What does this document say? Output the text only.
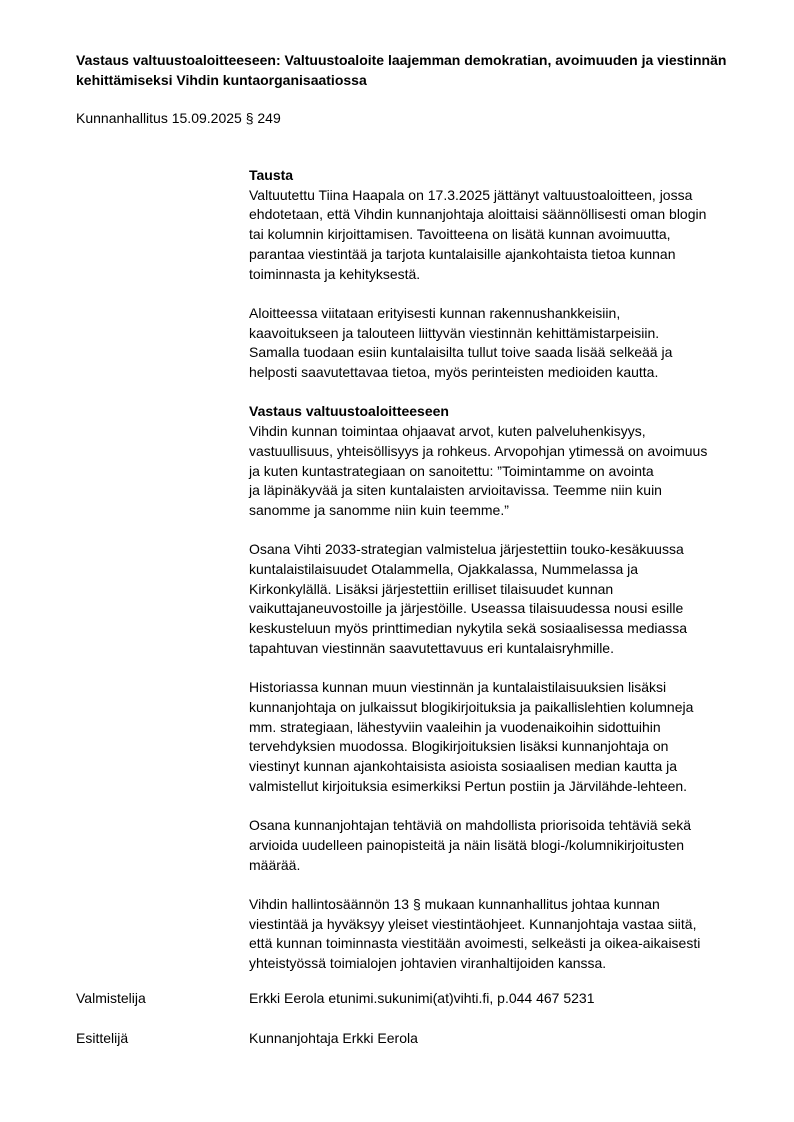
Vastaus valtuustoaloitteeseen: Valtuustoaloite laajemman demokratian, avoimuuden ja viestinnän kehittämiseksi Vihdin kuntaorganisaatiossa
Kunnanhallitus 15.09.2025 § 249

Tausta
Valtuutettu Tiina Haapala on 17.3.2025 jättänyt valtuustoaloitteen, jossa
ehdotetaan, että Vihdin kunnanjohtaja aloittaisi säännöllisesti oman blogin
tai kolumnin kirjoittamisen. Tavoitteena on lisätä kunnan avoimuutta,
parantaa viestintää ja tarjota kuntalaisille ajankohtaista tietoa kunnan
toiminnasta ja kehityksestä.

Aloitteessa viitataan erityisesti kunnan rakennushankkeisiin,
kaavoitukseen ja talouteen liittyvän viestinnän kehittämistarpeisiin.
Samalla tuodaan esiin kuntalaisilta tullut toive saada lisää selkeää ja
helposti saavutettavaa tietoa, myös perinteisten medioiden kautta.

Vastaus valtuustoaloitteeseen
Vihdin kunnan toimintaa ohjaavat arvot, kuten palveluhenkisyys,
vastuullisuus, yhteisöllisyys ja rohkeus. Arvopohjan ytimessä on avoimuus
ja kuten kuntastrategiaan on sanoitettu: ”Toimintamme on avointa
ja läpinäkyvää ja siten kuntalaisten arvioitavissa. Teemme niin kuin
sanomme ja sanomme niin kuin teemme.”

Osana Vihti 2033-strategian valmistelua järjestettiin touko-kesäkuussa
kuntalaistilaisuudet Otalammella, Ojakkalassa, Nummelassa ja
Kirkonkylällä. Lisäksi järjestettiin erilliset tilaisuudet kunnan
vaikuttajaneuvostoille ja järjestöille. Useassa tilaisuudessa nousi esille
keskusteluun myös printtimedian nykytila sekä sosiaalisessa mediassa
tapahtuvan viestinnän saavutettavuus eri kuntalaisryhmille.

Historiassa kunnan muun viestinnän ja kuntalaistilaisuuksien lisäksi
kunnanjohtaja on julkaissut blogikirjoituksia ja paikallislehtien kolumneja
mm. strategiaan, lähestyviin vaaleihin ja vuodenaikoihin sidottuihin
tervehdyksien muodossa. Blogikirjoituksien lisäksi kunnanjohtaja on
viestinyt kunnan ajankohtaisista asioista sosiaalisen median kautta ja
valmistellut kirjoituksia esimerkiksi Pertun postiin ja Järvilähde-lehteen.

Osana kunnanjohtajan tehtäviä on mahdollista priorisoida tehtäviä sekä
arvioida uudelleen painopisteitä ja näin lisätä blogi-/kolumnikirjoitusten
määrää.

Vihdin hallintosäännön 13 § mukaan kunnanhallitus johtaa kunnan
viestintää ja hyväksyy yleiset viestintäohjeet. Kunnanjohtaja vastaa siitä,
että kunnan toiminnasta viestitään avoimesti, selkeästi ja oikea-aikaisesti
yhteistyössä toimialojen johtavien viranhaltijoiden kanssa.

Valmistelija	Erkki Eerola etunimi.sukunimi(at)vihti.fi, p.044 467 5231
Esittelijä	Kunnanjohtaja Erkki Eerola
